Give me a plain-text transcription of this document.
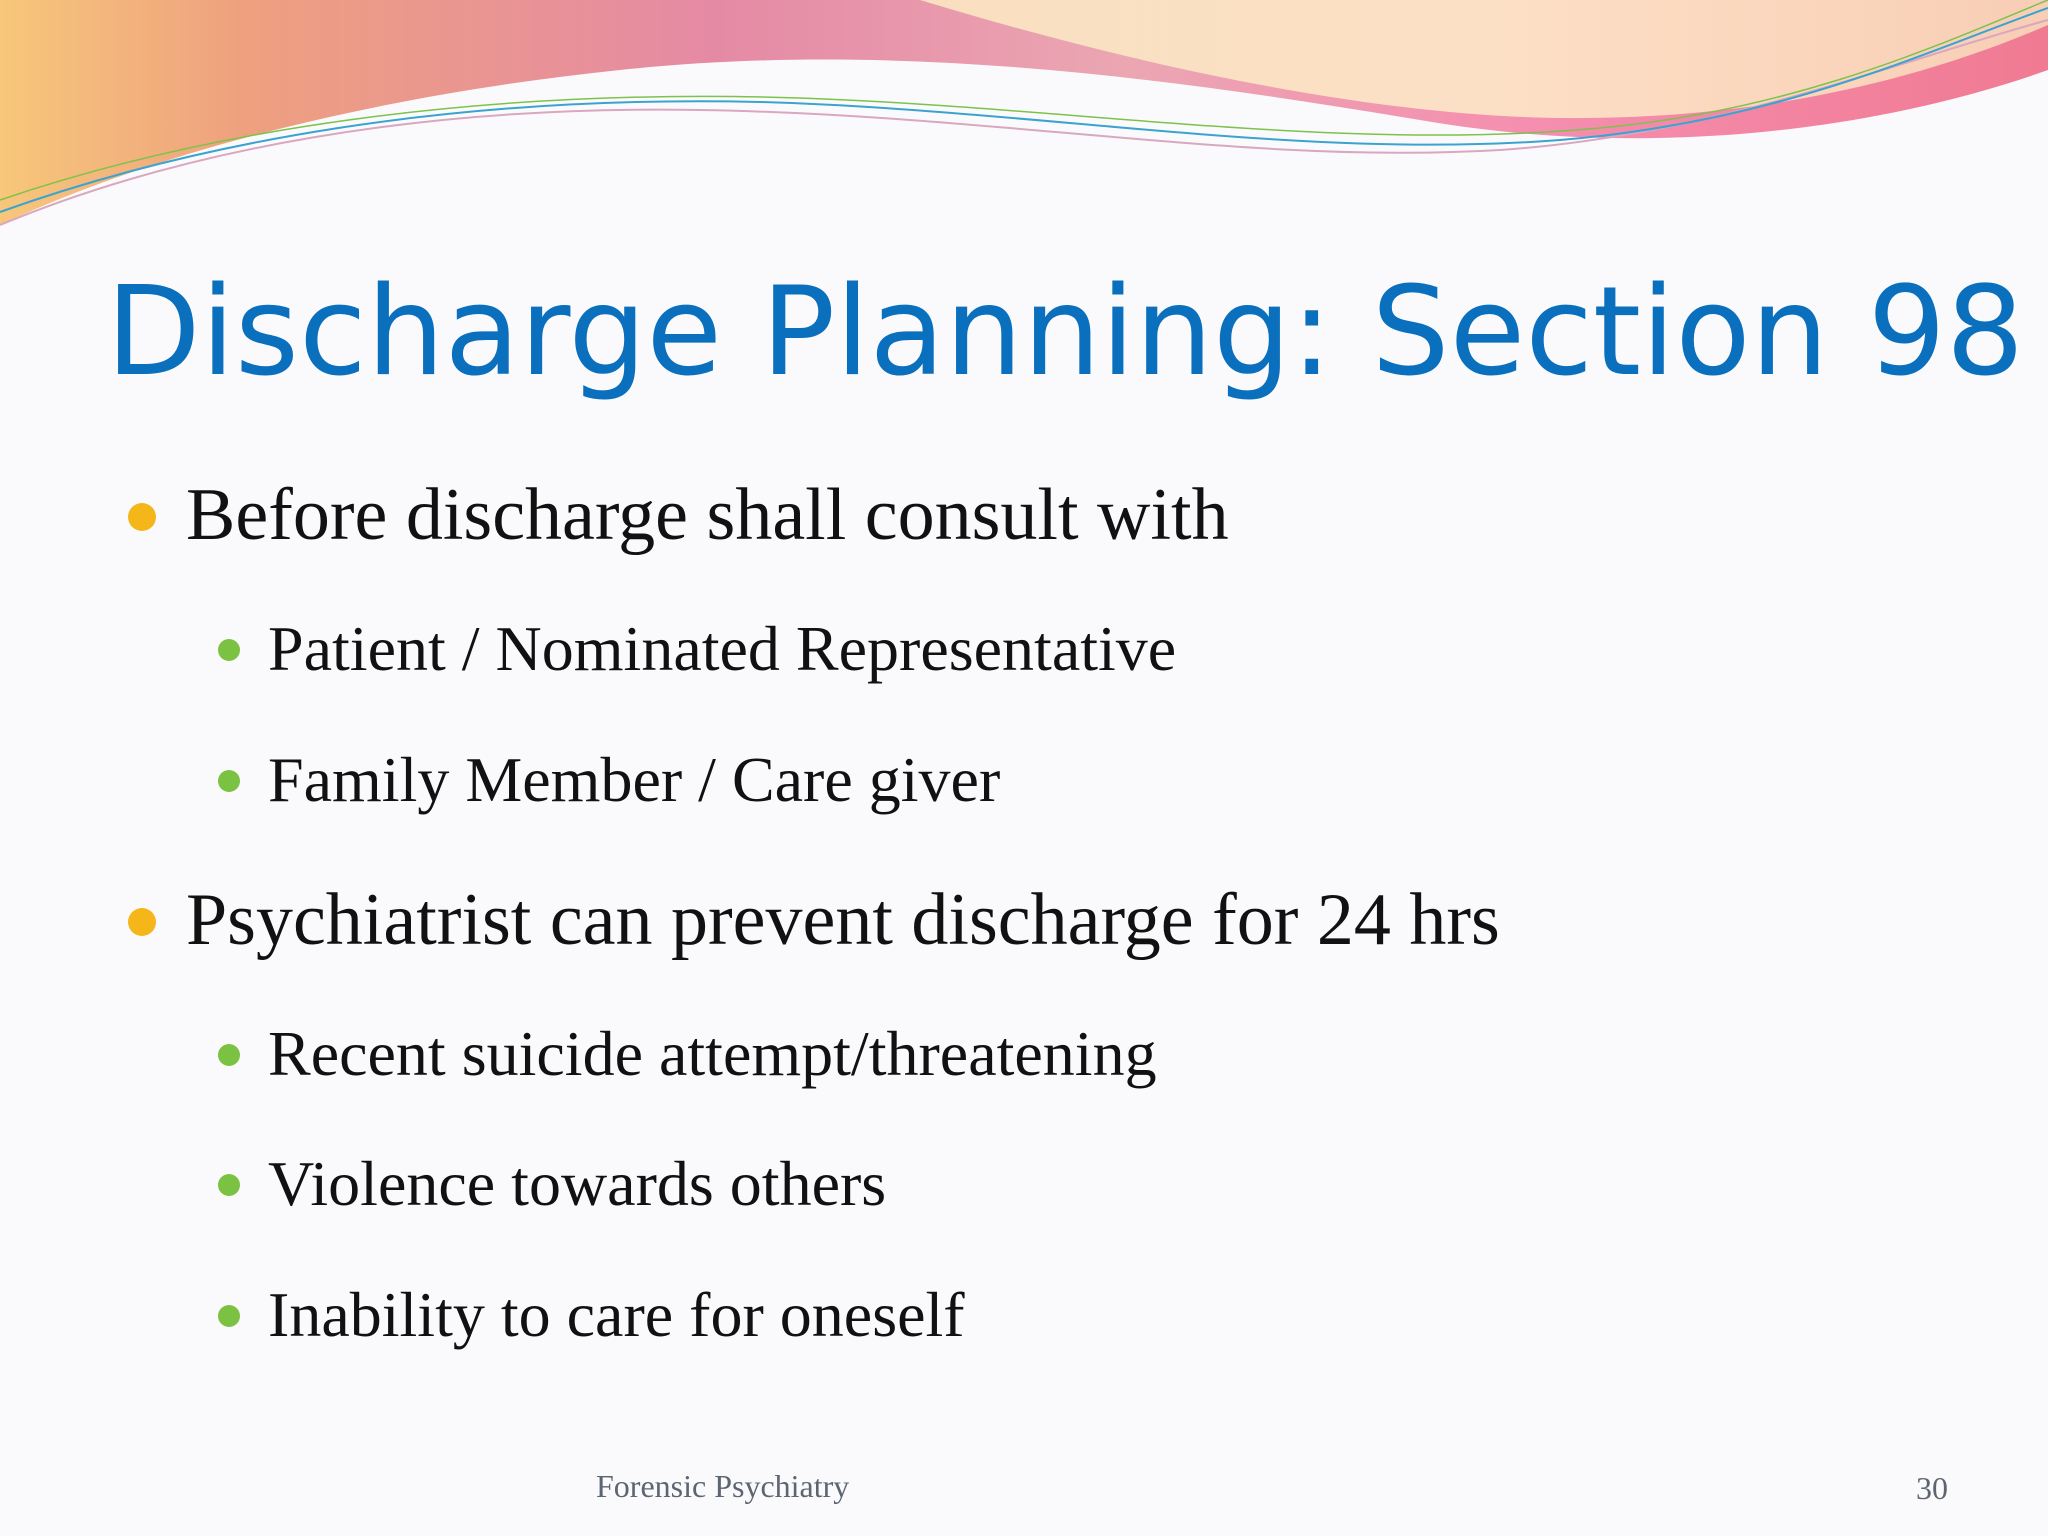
Discharge Planning: Section 98
Before discharge shall consult with
Patient / Nominated Representative
Family Member / Care giver
Psychiatrist can prevent discharge for 24 hrs
Recent suicide attempt/threatening
Violence towards others
Inability to care for oneself
Forensic Psychiatry	30
